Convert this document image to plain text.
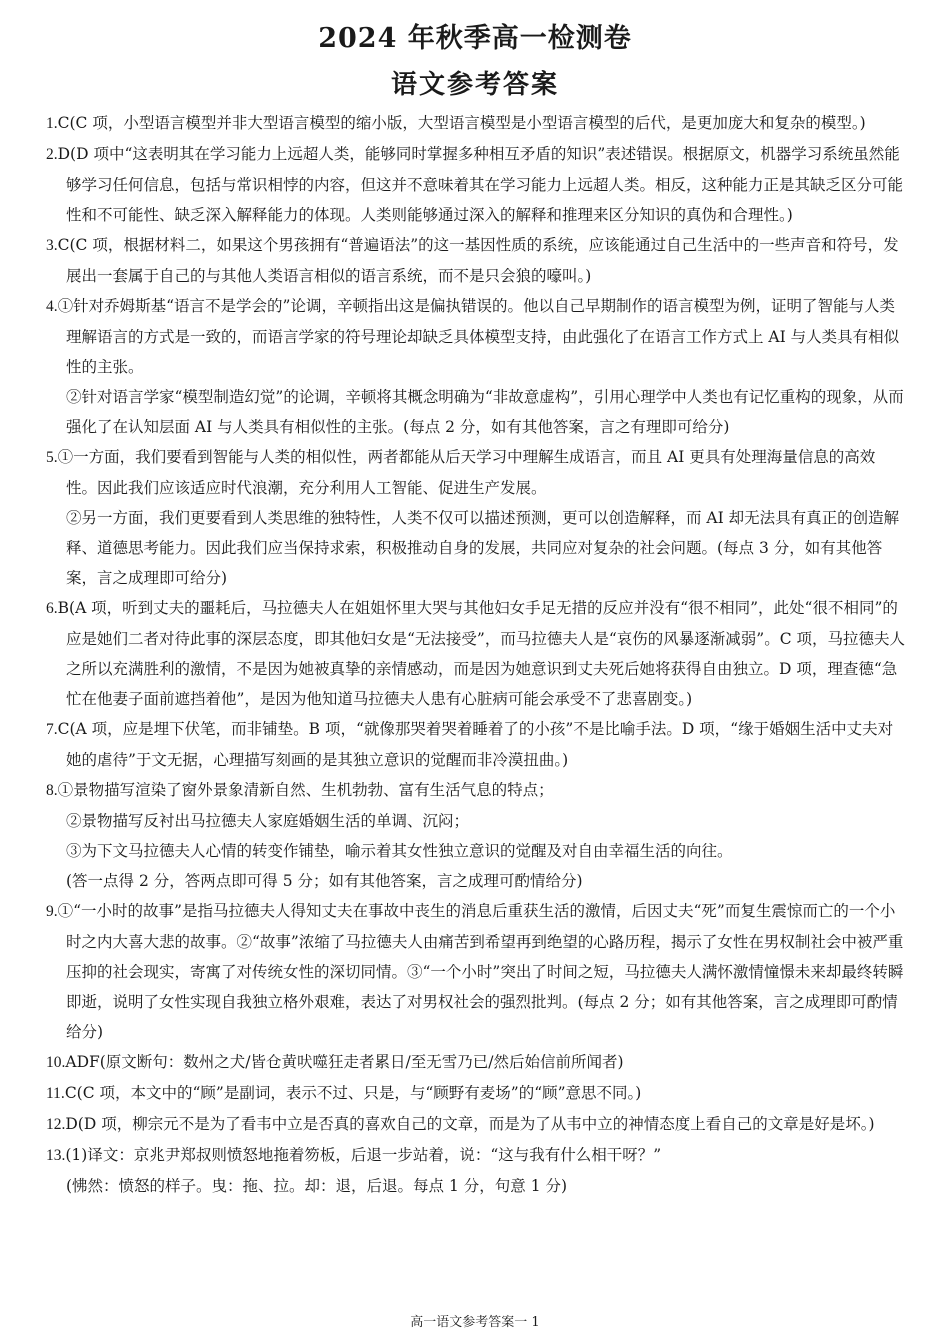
2024 年秋季高一检测卷
语文参考答案

1.C(C 项，小型语言模型并非大型语言模型的缩小版，大型语言模型是小型语言模型的后代，是更加庞大和复杂的模型。)

2.D(D 项中“这表明其在学习能力上远超人类，能够同时掌握多种相互矛盾的知识”表述错误。根据原文，机器学习系统虽然能够学习任何信息，包括与常识相悖的内容，但这并不意味着其在学习能力上远超人类。相反，这种能力正是其缺乏区分可能性和不可能性、缺乏深入解释能力的体现。人类则能够通过深入的解释和推理来区分知识的真伪和合理性。)

3.C(C 项，根据材料二，如果这个男孩拥有“普遍语法”的这一基因性质的系统，应该能通过自己生活中的一些声音和符号，发展出一套属于自己的与其他人类语言相似的语言系统，而不是只会狼的嚎叫。)

4.①针对乔姆斯基“语言不是学会的”论调，辛顿指出这是偏执错误的。他以自己早期制作的语言模型为例，证明了智能与人类理解语言的方式是一致的，而语言学家的符号理论却缺乏具体模型支持，由此强化了在语言工作方式上 AI 与人类具有相似性的主张。

②针对语言学家“模型制造幻觉”的论调，辛顿将其概念明确为“非故意虚构”，引用心理学中人类也有记忆重构的现象，从而强化了在认知层面 AI 与人类具有相似性的主张。(每点 2 分，如有其他答案，言之有理即可给分)

5.①一方面，我们要看到智能与人类的相似性，两者都能从后天学习中理解生成语言，而且 AI 更具有处理海量信息的高效性。因此我们应该适应时代浪潮，充分利用人工智能、促进生产发展。

②另一方面，我们更要看到人类思维的独特性，人类不仅可以描述预测，更可以创造解释，而 AI 却无法具有真正的创造解释、道德思考能力。因此我们应当保持求索，积极推动自身的发展，共同应对复杂的社会问题。(每点 3 分，如有其他答案，言之成理即可给分)

6.B(A 项，听到丈夫的噩耗后，马拉德夫人在姐姐怀里大哭与其他妇女手足无措的反应并没有“很不相同”，此处“很不相同”的应是她们二者对待此事的深层态度，即其他妇女是“无法接受”，而马拉德夫人是“哀伤的风暴逐渐减弱”。C 项，马拉德夫人之所以充满胜利的激情，不是因为她被真挚的亲情感动，而是因为她意识到丈夫死后她将获得自由独立。D 项，理查德“急忙在他妻子面前遮挡着他”，是因为他知道马拉德夫人患有心脏病可能会承受不了悲喜剧变。)

7.C(A 项，应是埋下伏笔，而非铺垫。B 项，“就像那哭着哭着睡着了的小孩”不是比喻手法。D 项，“缘于婚姻生活中丈夫对她的虐待”于文无据，心理描写刻画的是其独立意识的觉醒而非冷漠扭曲。)

8.①景物描写渲染了窗外景象清新自然、生机勃勃、富有生活气息的特点；

②景物描写反衬出马拉德夫人家庭婚姻生活的单调、沉闷；

③为下文马拉德夫人心情的转变作铺垫，喻示着其女性独立意识的觉醒及对自由幸福生活的向往。

(答一点得 2 分，答两点即可得 5 分；如有其他答案，言之成理可酌情给分)

9.①“一小时的故事”是指马拉德夫人得知丈夫在事故中丧生的消息后重获生活的激情，后因丈夫“死”而复生震惊而亡的一个小时之内大喜大悲的故事。②“故事”浓缩了马拉德夫人由痛苦到希望再到绝望的心路历程，揭示了女性在男权制社会中被严重压抑的社会现实，寄寓了对传统女性的深切同情。③“一个小时”突出了时间之短，马拉德夫人满怀激情憧憬未来却最终转瞬即逝，说明了女性实现自我独立格外艰难，表达了对男权社会的强烈批判。(每点 2 分；如有其他答案，言之成理即可酌情给分)

10.ADF(原文断句：数州之犬/皆仓黄吠噬狂走者累日/至无雪乃已/然后始信前所闻者)

11.C(C 项，本文中的“顾”是副词，表示不过、只是，与“顾野有麦场”的“顾”意思不同。)

12.D(D 项，柳宗元不是为了看韦中立是否真的喜欢自己的文章，而是为了从韦中立的神情态度上看自己的文章是好是坏。)

13.(1)译文：京兆尹郑叔则愤怒地拖着笏板，后退一步站着，说：“这与我有什么相干呀？”

(怫然：愤怒的样子。曳：拖、拉。却：退，后退。每点 1 分，句意 1 分)

高一语文参考答案一 1
